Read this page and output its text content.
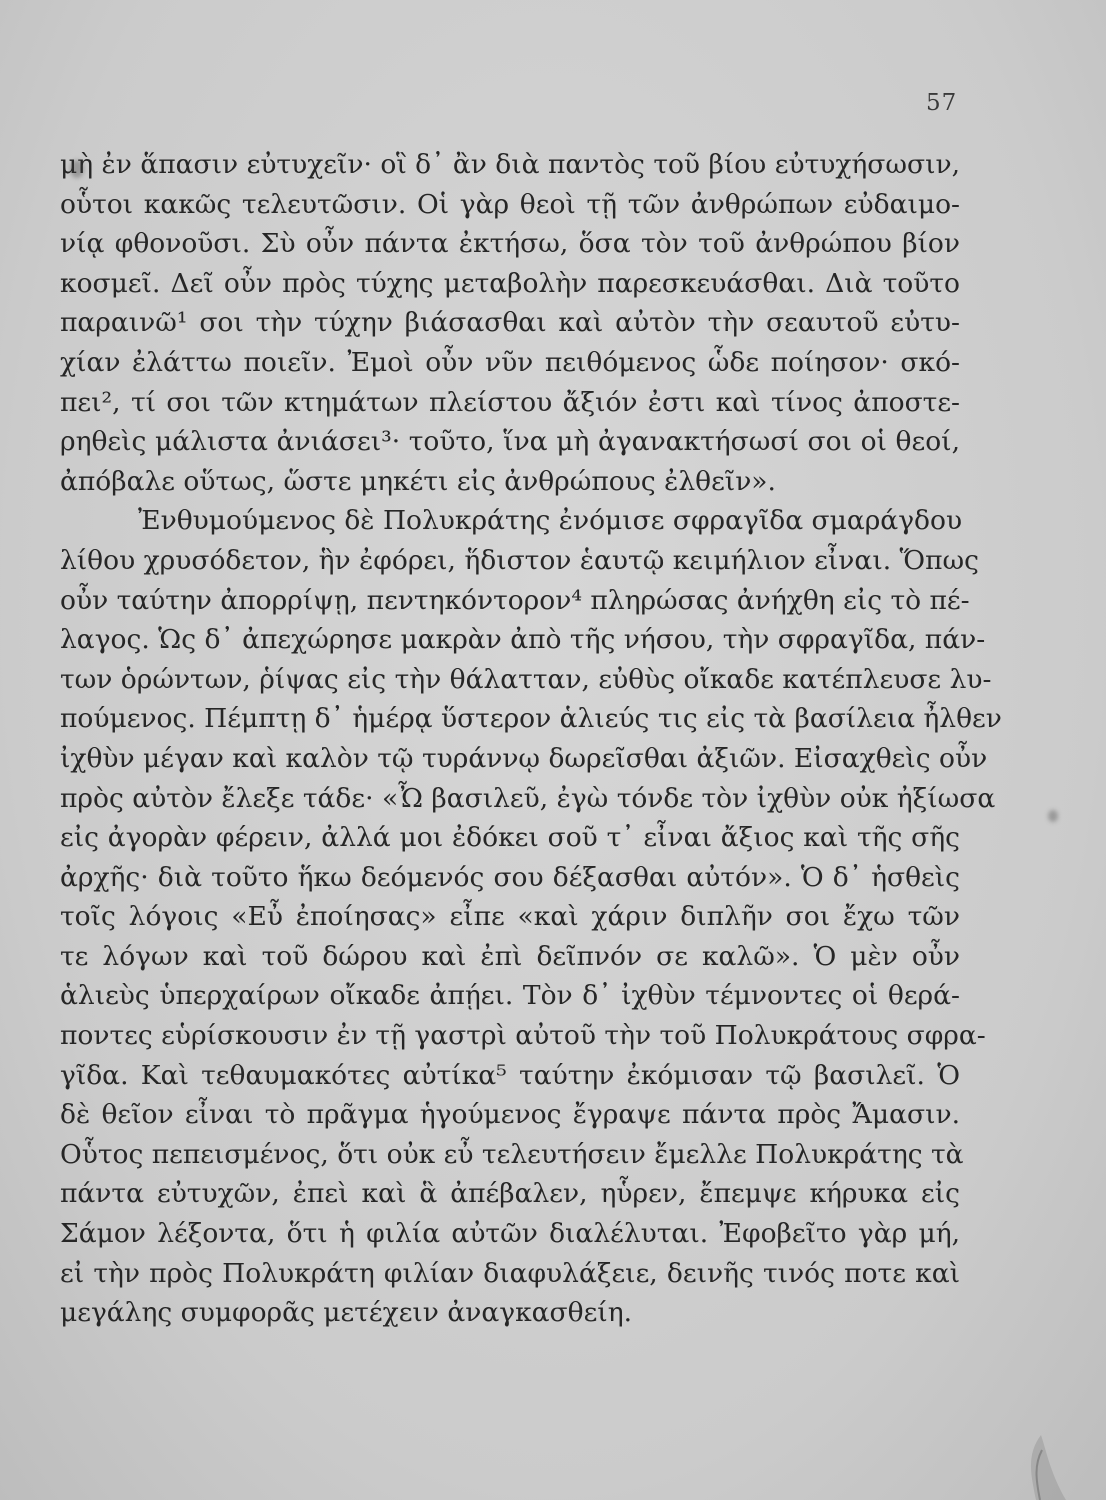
57
μὴ ἐν ἅπασιν εὐτυχεῖν· οἳ δ᾽ ἂν διὰ παντὸς τοῦ βίου εὐτυχήσωσιν,
οὗτοι κακῶς τελευτῶσιν. Οἱ γὰρ θεοὶ τῇ τῶν ἀνθρώπων εὐδαιμο-
νίᾳ φθονοῦσι. Σὺ οὖν πάντα ἐκτήσω, ὅσα τὸν τοῦ ἀνθρώπου βίον
κοσμεῖ. Δεῖ οὖν πρὸς τύχης μεταβολὴν παρεσκευάσθαι. Διὰ τοῦτο
παραινῶ¹ σοι τὴν τύχην βιάσασθαι καὶ αὐτὸν τὴν σεαυτοῦ εὐτυ-
χίαν ἐλάττω ποιεῖν. Ἐμοὶ οὖν νῦν πειθόμενος ὧδε ποίησον· σκό-
πει², τί σοι τῶν κτημάτων πλείστου ἄξιόν ἐστι καὶ τίνος ἀποστε-
ρηθεὶς μάλιστα ἀνιάσει³· τοῦτο, ἵνα μὴ ἀγανακτήσωσί σοι οἱ θεοί,
ἀπόβαλε οὕτως, ὥστε μηκέτι εἰς ἀνθρώπους ἐλθεῖν».
Ἐνθυμούμενος δὲ Πολυκράτης ἐνόμισε σφραγῖδα σμαράγδου
λίθου χρυσόδετον, ἣν ἐφόρει, ἥδιστον ἑαυτῷ κειμήλιον εἶναι. Ὅπως
οὖν ταύτην ἀπορρίψῃ, πεντηκόντορον⁴ πληρώσας ἀνήχθη εἰς τὸ πέ-
λαγος. Ὡς δ᾽ ἀπεχώρησε μακρὰν ἀπὸ τῆς νήσου, τὴν σφραγῖδα, πάν-
των ὁρώντων, ῥίψας εἰς τὴν θάλατταν, εὐθὺς οἴκαδε κατέπλευσε λυ-
πούμενος. Πέμπτῃ δ᾽ ἡμέρᾳ ὕστερον ἁλιεύς τις εἰς τὰ βασίλεια ἦλθεν
ἰχθὺν μέγαν καὶ καλὸν τῷ τυράννῳ δωρεῖσθαι ἀξιῶν. Εἰσαχθεὶς οὖν
πρὸς αὐτὸν ἔλεξε τάδε· «Ὦ βασιλεῦ, ἐγὼ τόνδε τὸν ἰχθὺν οὐκ ἠξίωσα
εἰς ἀγορὰν φέρειν, ἀλλά μοι ἐδόκει σοῦ τ᾽ εἶναι ἄξιος καὶ τῆς σῆς
ἀρχῆς· διὰ τοῦτο ἥκω δεόμενός σου δέξασθαι αὐτόν». Ὁ δ᾽ ἡσθεὶς
τοῖς λόγοις «Εὖ ἐποίησας» εἶπε «καὶ χάριν διπλῆν σοι ἔχω τῶν
τε λόγων καὶ τοῦ δώρου καὶ ἐπὶ δεῖπνόν σε καλῶ». Ὁ μὲν οὖν
ἁλιεὺς ὑπερχαίρων οἴκαδε ἀπῄει. Τὸν δ᾽ ἰχθὺν τέμνοντες οἱ θερά-
ποντες εὑρίσκουσιν ἐν τῇ γαστρὶ αὐτοῦ τὴν τοῦ Πολυκράτους σφρα-
γῖδα. Καὶ τεθαυμακότες αὐτίκα⁵ ταύτην ἐκόμισαν τῷ βασιλεῖ. Ὁ
δὲ θεῖον εἶναι τὸ πρᾶγμα ἡγούμενος ἔγραψε πάντα πρὸς Ἄμασιν.
Οὗτος πεπεισμένος, ὅτι οὐκ εὖ τελευτήσειν ἔμελλε Πολυκράτης τὰ
πάντα εὐτυχῶν, ἐπεὶ καὶ ἃ ἀπέβαλεν, ηὗρεν, ἔπεμψε κήρυκα εἰς
Σάμον λέξοντα, ὅτι ἡ φιλία αὐτῶν διαλέλυται. Ἐφοβεῖτο γὰρ μή,
εἰ τὴν πρὸς Πολυκράτη φιλίαν διαφυλάξειε, δεινῆς τινός ποτε καὶ
μεγάλης συμφορᾶς μετέχειν ἀναγκασθείη.
